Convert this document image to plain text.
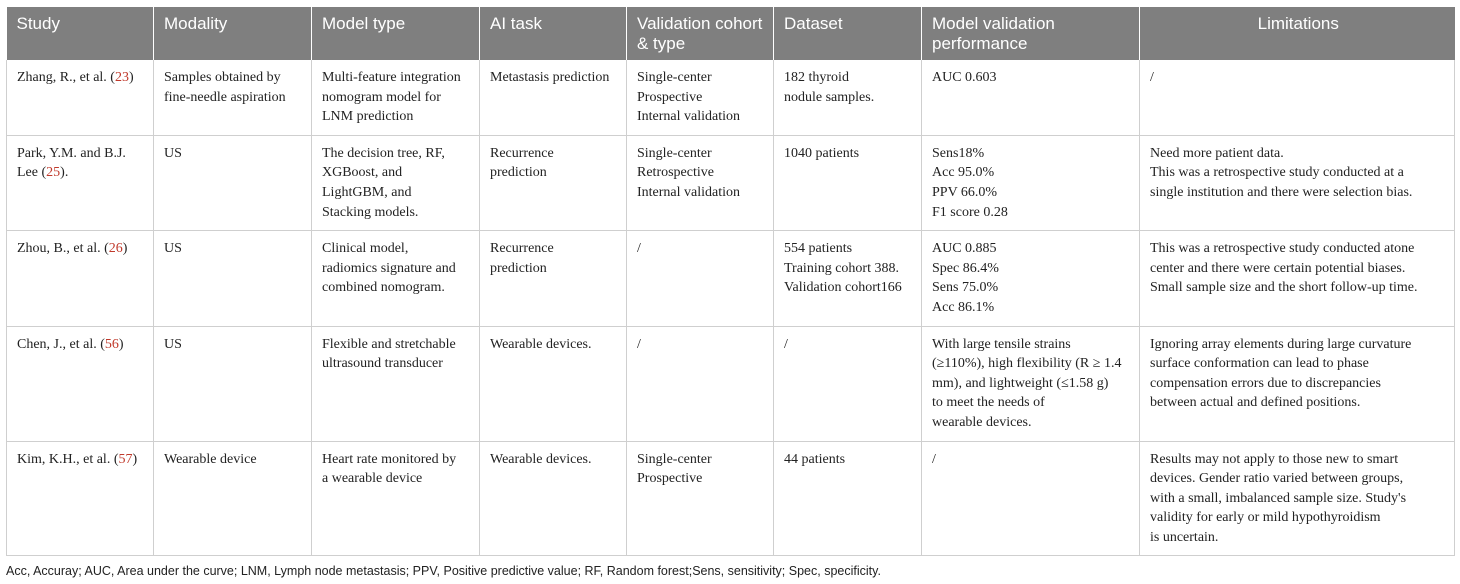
Study	Modality	Model type	AI task	Validation cohort & type	Dataset	Model validation performance	Limitations
Zhang, R., et al. (23)	Samples obtained by
fine-needle aspiration	Multi-feature integration
nomogram model for
LNM prediction	Metastasis prediction	Single-center
Prospective
Internal validation	182 thyroid
nodule samples.	AUC 0.603	/

Park, Y.M. and B.J.
Lee (25).	US	The decision tree, RF,
XGBoost, and
LightGBM, and
Stacking models.	Recurrence
prediction	Single-center
Retrospective
Internal validation	1040 patients	Sens18%
Acc 95.0%
PPV 66.0%
F1 score 0.28	Need more patient data.
This was a retrospective study conducted at a
single institution and there were selection bias.

Zhou, B., et al. (26)	US	Clinical model,
radiomics signature and
combined nomogram.	Recurrence
prediction	/	554 patients
Training cohort 388.
Validation cohort166	AUC 0.885
Spec 86.4%
Sens 75.0%
Acc 86.1%	This was a retrospective study conducted atone
center and there were certain potential biases.
Small sample size and the short follow-up time.

Chen, J., et al. (56)	US	Flexible and stretchable
ultrasound transducer	Wearable devices.	/	/	With large tensile strains
(≥110%), high flexibility (R ≥ 1.4
mm), and lightweight (≤1.58 g)
to meet the needs of
wearable devices.	Ignoring array elements during large curvature
surface conformation can lead to phase
compensation errors due to discrepancies
between actual and defined positions.

Kim, K.H., et al. (57)	Wearable device	Heart rate monitored by
a wearable device	Wearable devices.	Single-center
Prospective	44 patients	/	Results may not apply to those new to smart
devices. Gender ratio varied between groups,
with a small, imbalanced sample size. Study's
validity for early or mild hypothyroidism
is uncertain.
Acc, Accuray; AUC, Area under the curve; LNM, Lymph node metastasis; PPV, Positive predictive value; RF, Random forest;Sens, sensitivity; Spec, specificity.
